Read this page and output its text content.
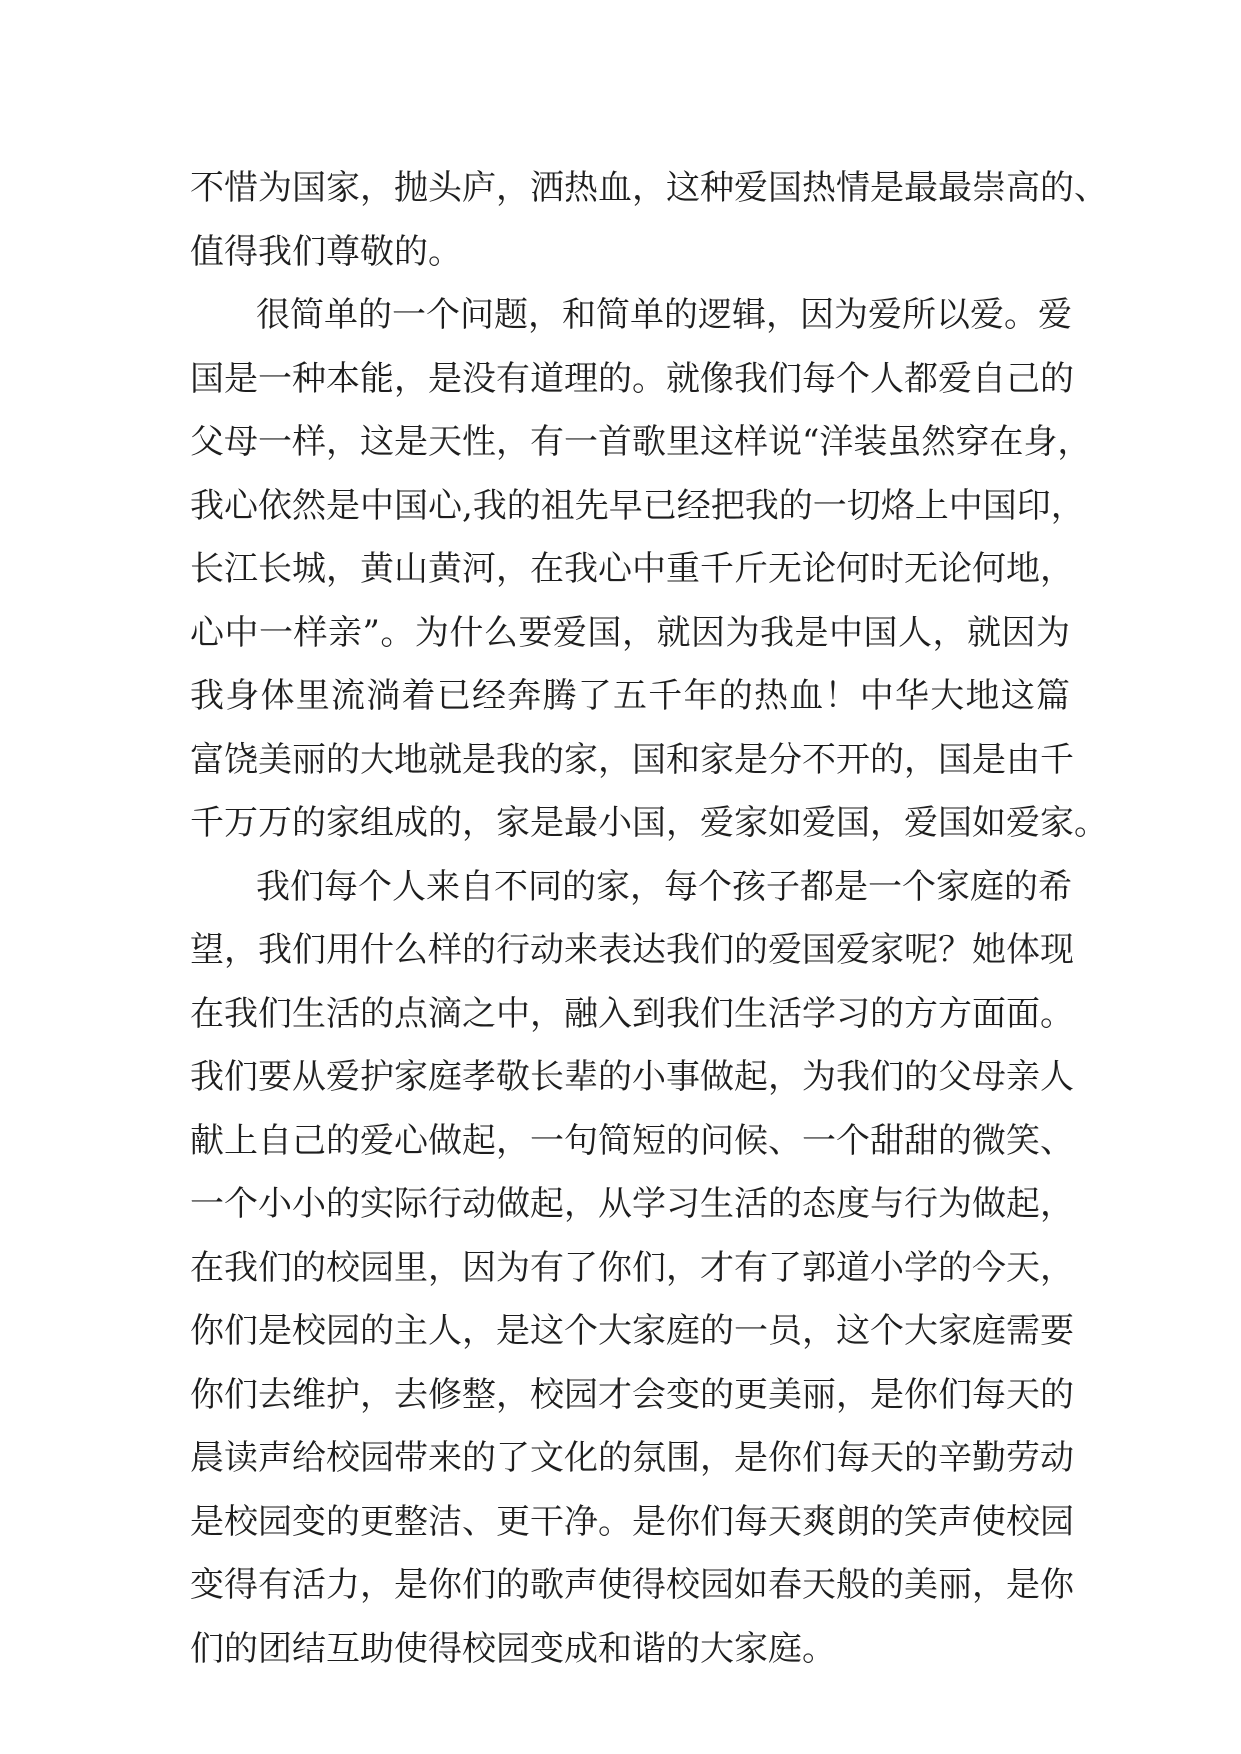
不惜为国家，抛头庐，洒热血，这种爱国热情是最最崇高的、
值得我们尊敬的。
很简单的一个问题，和简单的逻辑，因为爱所以爱。爱
国是一种本能，是没有道理的。就像我们每个人都爱自己的
父母一样，这是天性，有一首歌里这样说“洋装虽然穿在身，
我心依然是中国心,我的祖先早已经把我的一切烙上中国印，
长江长城，黄山黄河，在我心中重千斤无论何时无论何地，
心中一样亲”。为什么要爱国，就因为我是中国人，就因为
我身体里流淌着已经奔腾了五千年的热血！中华大地这篇
富饶美丽的大地就是我的家，国和家是分不开的，国是由千
千万万的家组成的，家是最小国，爱家如爱国，爱国如爱家。
我们每个人来自不同的家，每个孩子都是一个家庭的希
望，我们用什么样的行动来表达我们的爱国爱家呢？她体现
在我们生活的点滴之中，融入到我们生活学习的方方面面。
我们要从爱护家庭孝敬长辈的小事做起，为我们的父母亲人
献上自己的爱心做起，一句简短的问候、一个甜甜的微笑、
一个小小的实际行动做起，从学习生活的态度与行为做起，
在我们的校园里，因为有了你们，才有了郭道小学的今天，
你们是校园的主人，是这个大家庭的一员，这个大家庭需要
你们去维护，去修整，校园才会变的更美丽，是你们每天的
晨读声给校园带来的了文化的氛围，是你们每天的辛勤劳动
是校园变的更整洁、更干净。是你们每天爽朗的笑声使校园
变得有活力，是你们的歌声使得校园如春天般的美丽，是你
们的团结互助使得校园变成和谐的大家庭。
